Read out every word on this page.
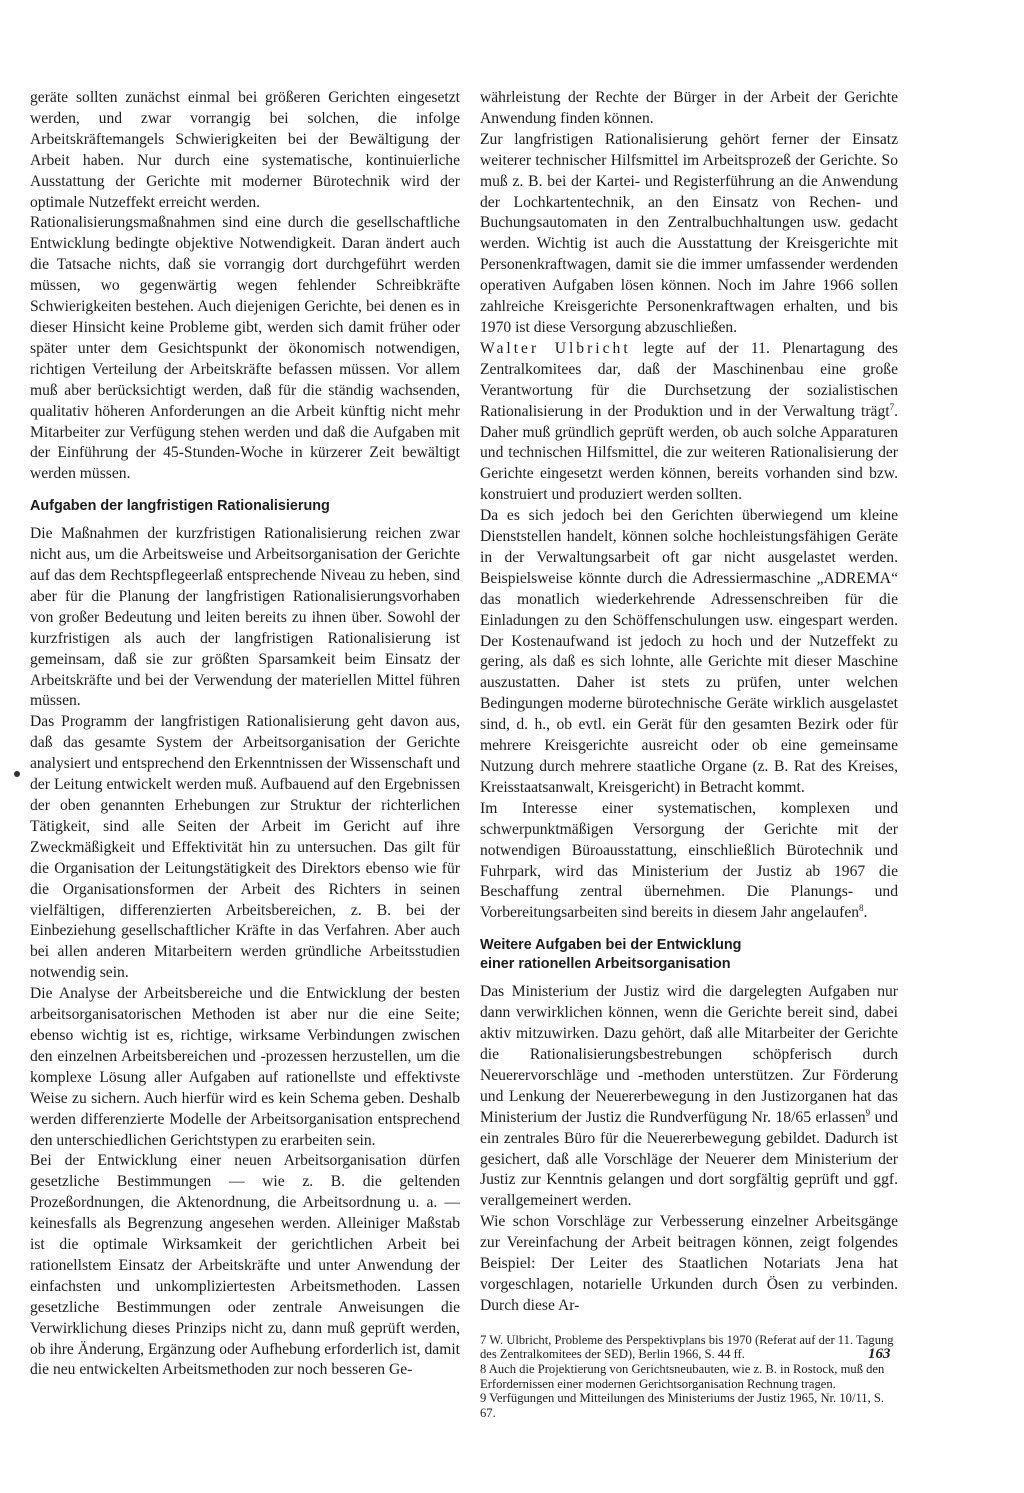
geräte sollten zunächst einmal bei größeren Gerichten eingesetzt werden, und zwar vorrangig bei solchen, die infolge Arbeitskräftemangels Schwierigkeiten bei der Bewältigung der Arbeit haben. Nur durch eine systematische, kontinuierliche Ausstattung der Gerichte mit moderner Bürotechnik wird der optimale Nutzeffekt erreicht werden.

Rationalisierungsmaßnahmen sind eine durch die gesellschaftliche Entwicklung bedingte objektive Notwendigkeit. Daran ändert auch die Tatsache nichts, daß sie vorrangig dort durchgeführt werden müssen, wo gegenwärtig wegen fehlender Schreibkräfte Schwierigkeiten bestehen. Auch diejenigen Gerichte, bei denen es in dieser Hinsicht keine Probleme gibt, werden sich damit früher oder später unter dem Gesichtspunkt der ökonomisch notwendigen, richtigen Verteilung der Arbeitskräfte befassen müssen. Vor allem muß aber berücksichtigt werden, daß für die ständig wachsenden, qualitativ höheren Anforderungen an die Arbeit künftig nicht mehr Mitarbeiter zur Verfügung stehen werden und daß die Aufgaben mit der Einführung der 45-Stunden-Woche in kürzerer Zeit bewältigt werden müssen.

Aufgaben der langfristigen Rationalisierung

Die Maßnahmen der kurzfristigen Rationalisierung reichen zwar nicht aus, um die Arbeitsweise und Arbeitsorganisation der Gerichte auf das dem Rechtspflegeerlaß entsprechende Niveau zu heben, sind aber für die Planung der langfristigen Rationalisierungsvorhaben von großer Bedeutung und leiten bereits zu ihnen über. Sowohl der kurzfristigen als auch der langfristigen Rationalisierung ist gemeinsam, daß sie zur größten Sparsamkeit beim Einsatz der Arbeitskräfte und bei der Verwendung der materiellen Mittel führen müssen.

Das Programm der langfristigen Rationalisierung geht davon aus, daß das gesamte System der Arbeitsorganisation der Gerichte analysiert und entsprechend den Erkenntnissen der Wissenschaft und der Leitung entwickelt werden muß. Aufbauend auf den Ergebnissen der oben genannten Erhebungen zur Struktur der richterlichen Tätigkeit, sind alle Seiten der Arbeit im Gericht auf ihre Zweckmäßigkeit und Effektivität hin zu untersuchen. Das gilt für die Organisation der Leitungstätigkeit des Direktors ebenso wie für die Organisationsformen der Arbeit des Richters in seinen vielfältigen, differenzierten Arbeitsbereichen, z. B. bei der Einbeziehung gesellschaftlicher Kräfte in das Verfahren. Aber auch bei allen anderen Mitarbeitern werden gründliche Arbeitsstudien notwendig sein.

Die Analyse der Arbeitsbereiche und die Entwicklung der besten arbeitsorganisatorischen Methoden ist aber nur die eine Seite; ebenso wichtig ist es, richtige, wirksame Verbindungen zwischen den einzelnen Arbeitsbereichen und -prozessen herzustellen, um die komplexe Lösung aller Aufgaben auf rationellste und effektivste Weise zu sichern. Auch hierfür wird es kein Schema geben. Deshalb werden differenzierte Modelle der Arbeitsorganisation entsprechend den unterschiedlichen Gerichtstypen zu erarbeiten sein.

Bei der Entwicklung einer neuen Arbeitsorganisation dürfen gesetzliche Bestimmungen — wie z. B. die geltenden Prozeßordnungen, die Aktenordnung, die Arbeitsordnung u. a. — keinesfalls als Begrenzung angesehen werden. Alleiniger Maßstab ist die optimale Wirksamkeit der gerichtlichen Arbeit bei rationellstem Einsatz der Arbeitskräfte und unter Anwendung der einfachsten und unkompliziertesten Arbeitsmethoden. Lassen gesetzliche Bestimmungen oder zentrale Anweisungen die Verwirklichung dieses Prinzips nicht zu, dann muß geprüft werden, ob ihre Änderung, Ergänzung oder Aufhebung erforderlich ist, damit die neu entwickelten Arbeitsmethoden zur noch besseren Ge-

währleistung der Rechte der Bürger in der Arbeit der Gerichte Anwendung finden können.

Zur langfristigen Rationalisierung gehört ferner der Einsatz weiterer technischer Hilfsmittel im Arbeitsprozeß der Gerichte. So muß z. B. bei der Kartei- und Registerführung an die Anwendung der Lochkartentechnik, an den Einsatz von Rechen- und Buchungsautomaten in den Zentralbuchhaltungen usw. gedacht werden. Wichtig ist auch die Ausstattung der Kreisgerichte mit Personenkraftwagen, damit sie die immer umfassender werdenden operativen Aufgaben lösen können. Noch im Jahre 1966 sollen zahlreiche Kreisgerichte Personenkraftwagen erhalten, und bis 1970 ist diese Versorgung abzuschließen.

Walter Ulbricht legte auf der 11. Plenartagung des Zentralkomitees dar, daß der Maschinenbau eine große Verantwortung für die Durchsetzung der sozialistischen Rationalisierung in der Produktion und in der Verwaltung trägt$^7$. Daher muß gründlich geprüft werden, ob auch solche Apparaturen und technischen Hilfsmittel, die zur weiteren Rationalisierung der Gerichte eingesetzt werden können, bereits vorhanden sind bzw. konstruiert und produziert werden sollten.

Da es sich jedoch bei den Gerichten überwiegend um kleine Dienststellen handelt, können solche hochleistungsfähigen Geräte in der Verwaltungsarbeit oft gar nicht ausgelastet werden. Beispielsweise könnte durch die Adressiermaschine „ADREMA“ das monatlich wiederkehrende Adressenschreiben für die Einladungen zu den Schöffenschulungen usw. eingespart werden. Der Kostenaufwand ist jedoch zu hoch und der Nutzeffekt zu gering, als daß es sich lohnte, alle Gerichte mit dieser Maschine auszustatten. Daher ist stets zu prüfen, unter welchen Bedingungen moderne bürotechnische Geräte wirklich ausgelastet sind, d. h., ob evtl. ein Gerät für den gesamten Bezirk oder für mehrere Kreisgerichte ausreicht oder ob eine gemeinsame Nutzung durch mehrere staatliche Organe (z. B. Rat des Kreises, Kreisstaatsanwalt, Kreisgericht) in Betracht kommt.

Im Interesse einer systematischen, komplexen und schwerpunktmäßigen Versorgung der Gerichte mit der notwendigen Büroausstattung, einschließlich Bürotechnik und Fuhrpark, wird das Ministerium der Justiz ab 1967 die Beschaffung zentral übernehmen. Die Planungs- und Vorbereitungsarbeiten sind bereits in diesem Jahr angelaufen$^8$.

Weitere Aufgaben bei der Entwicklung
einer rationellen Arbeitsorganisation

Das Ministerium der Justiz wird die dargelegten Aufgaben nur dann verwirklichen können, wenn die Gerichte bereit sind, dabei aktiv mitzuwirken. Dazu gehört, daß alle Mitarbeiter der Gerichte die Rationalisierungsbestrebungen schöpferisch durch Neuerervorschläge und -methoden unterstützen. Zur Förderung und Lenkung der Neuererbewegung in den Justizorganen hat das Ministerium der Justiz die Rundverfügung Nr. 18/65 erlassen$^9$ und ein zentrales Büro für die Neuererbewegung gebildet. Dadurch ist gesichert, daß alle Vorschläge der Neuerer dem Ministerium der Justiz zur Kenntnis gelangen und dort sorgfältig geprüft und ggf. verallgemeinert werden.

Wie schon Vorschläge zur Verbesserung einzelner Arbeitsgänge zur Vereinfachung der Arbeit beitragen können, zeigt folgendes Beispiel: Der Leiter des Staatlichen Notariats Jena hat vorgeschlagen, notarielle Urkunden durch Ösen zu verbinden. Durch diese Ar-

7 W. Ulbricht, Probleme des Perspektivplans bis 1970 (Referat auf der 11. Tagung des Zentralkomitees der SED), Berlin 1966, S. 44 ff.

8 Auch die Projektierung von Gerichtsneubauten, wie z. B. in Rostock, muß den Erfordernissen einer modernen Gerichtsorganisation Rechnung tragen.

9 Verfügungen und Mitteilungen des Ministeriums der Justiz 1965, Nr. 10/11, S. 67.

163
